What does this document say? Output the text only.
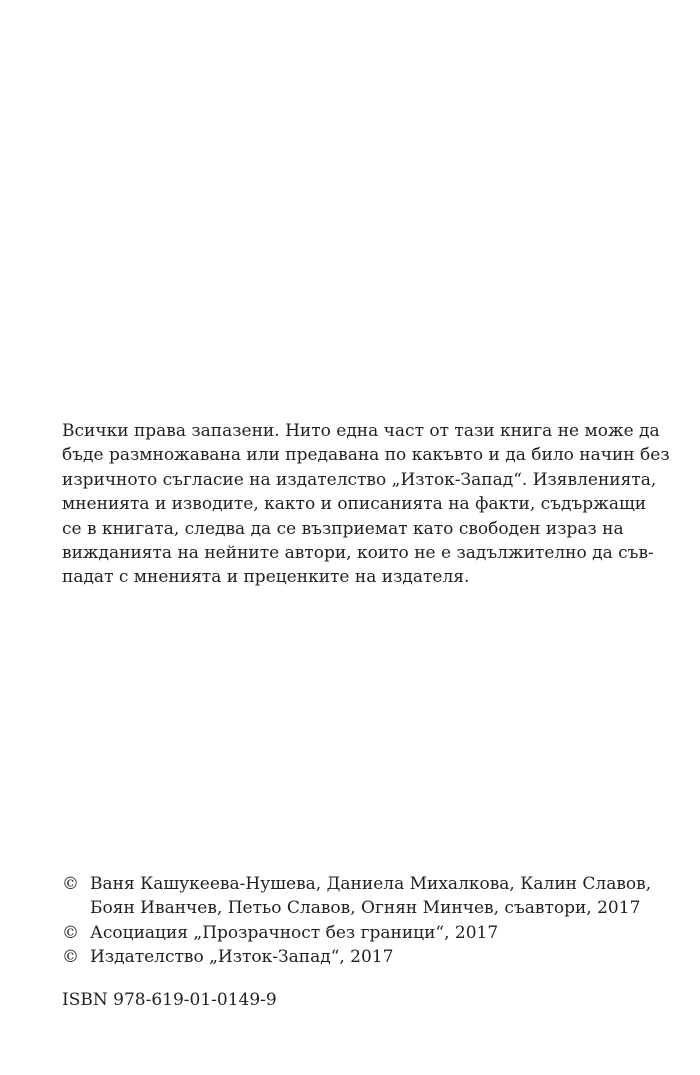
Всички права запазени. Нито една част от тази книга не може да
бъде размножавана или предавана по какъвто и да било начин без
изричното съгласие на издателство „Изток-Запад“. Изявленията,
мненията и изводите, както и описанията на факти, съдържащи
се в книгата, следва да се възприемат като свободен израз на
вижданията на нейните автори, които не е задължително да съв-
падат с мненията и преценките на издателя.
© Ваня Кашукеева-Нушева, Даниела Михалкова, Калин Славов,
Боян Иванчев, Петьо Славов, Огнян Минчев, съавтори, 2017
© Асоциация „Прозрачност без граници“, 2017
© Издателство „Изток-Запад“, 2017
ISBN 978-619-01-0149-9
